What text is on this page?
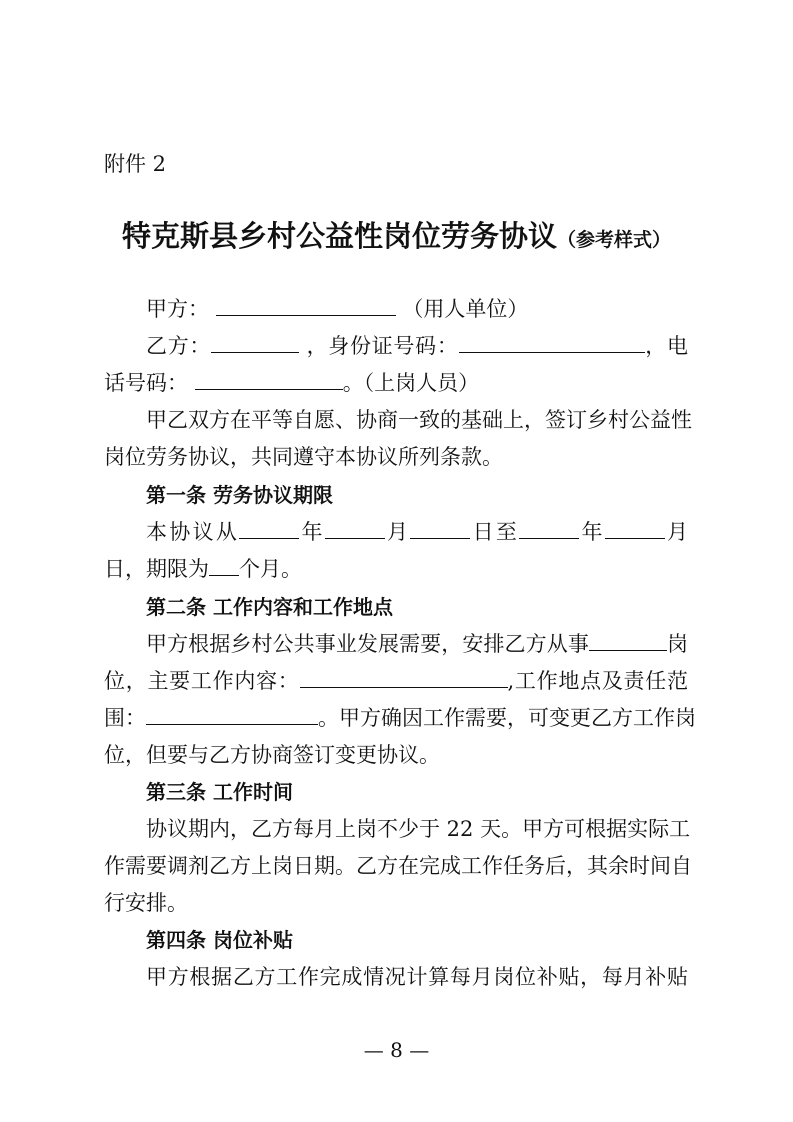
附件 2
特克斯县乡村公益性岗位劳务协议（参考样式）
甲方：	（用人单位）
乙方：	，身份证号码：	，电
话号码：	。（上岗人员）
甲乙双方在平等自愿、协商一致的基础上，签订乡村公益性
岗位劳务协议，共同遵守本协议所列条款。
第一条 劳务协议期限
本协议从	年	月	日至	年	月
日，期限为 个月。
第二条 工作内容和工作地点
甲方根据乡村公共事业发展需要，安排乙方从事	岗
位，主要工作内容：	,工作地点及责任范
围：	。甲方确因工作需要，可变更乙方工作岗
位，但要与乙方协商签订变更协议。
第三条 工作时间
协议期内，乙方每月上岗不少于 22 天。甲方可根据实际工
作需要调剂乙方上岗日期。乙方在完成工作任务后，其余时间自
行安排。
第四条 岗位补贴
甲方根据乙方工作完成情况计算每月岗位补贴，每月补贴
— 8 —
